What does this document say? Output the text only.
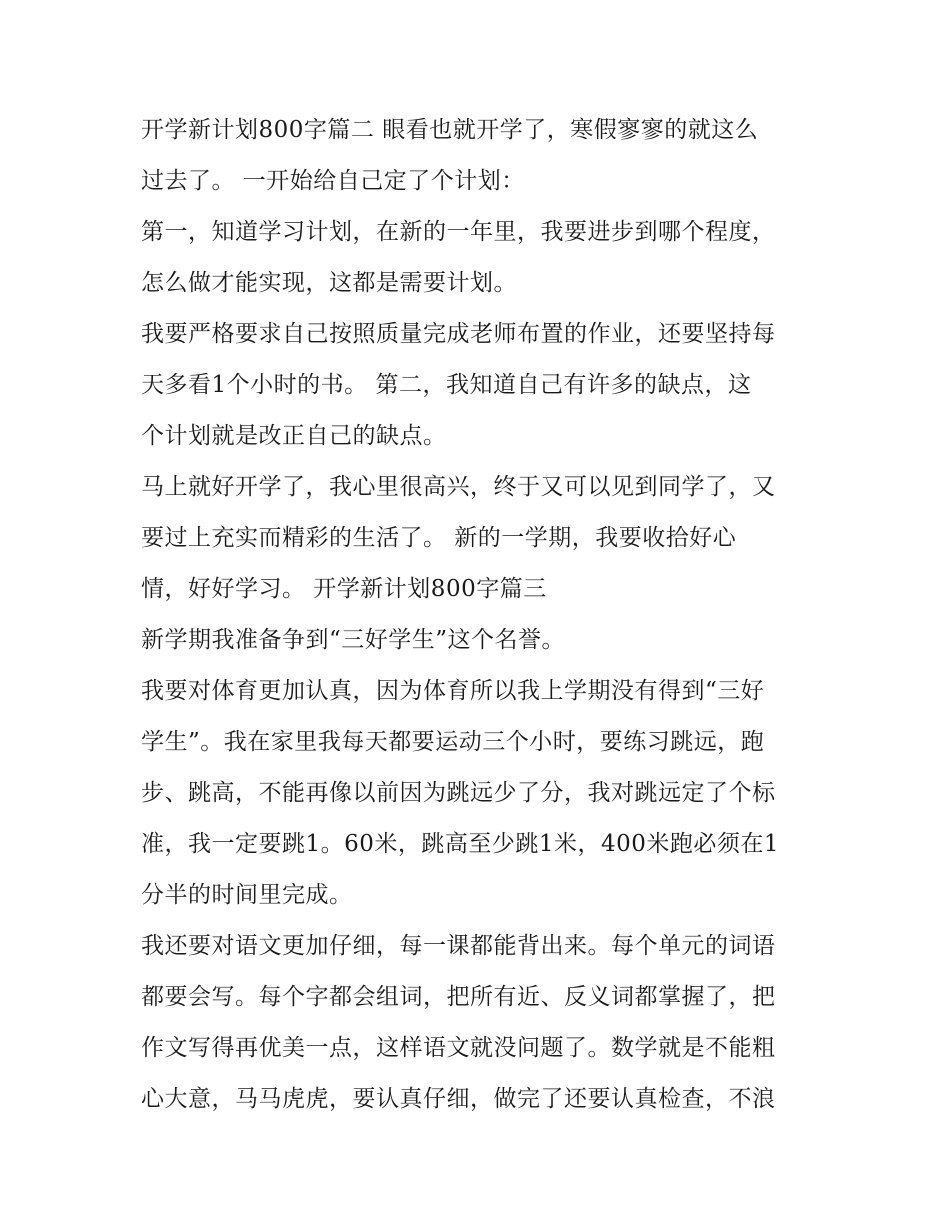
开学新计划800字篇二 眼看也就开学了，寒假寥寥的就这么
过去了。 一开始给自己定了个计划：
第一，知道学习计划，在新的一年里，我要进步到哪个程度，
怎么做才能实现，这都是需要计划。
我要严格要求自己按照质量完成老师布置的作业，还要坚持每
天多看1个小时的书。 第二，我知道自己有许多的缺点，这
个计划就是改正自己的缺点。
马上就好开学了，我心里很高兴，终于又可以见到同学了，又
要过上充实而精彩的生活了。 新的一学期，我要收拾好心
情，好好学习。 开学新计划800字篇三
新学期我准备争到“三好学生”这个名誉。
我要对体育更加认真，因为体育所以我上学期没有得到“三好
学生”。我在家里我每天都要运动三个小时，要练习跳远，跑
步、跳高，不能再像以前因为跳远少了分，我对跳远定了个标
准，我一定要跳1。60米，跳高至少跳1米，400米跑必须在1
分半的时间里完成。
我还要对语文更加仔细，每一课都能背出来。每个单元的词语
都要会写。每个字都会组词，把所有近、反义词都掌握了，把
作文写得再优美一点，这样语文就没问题了。数学就是不能粗
心大意，马马虎虎，要认真仔细，做完了还要认真检查，不浪
